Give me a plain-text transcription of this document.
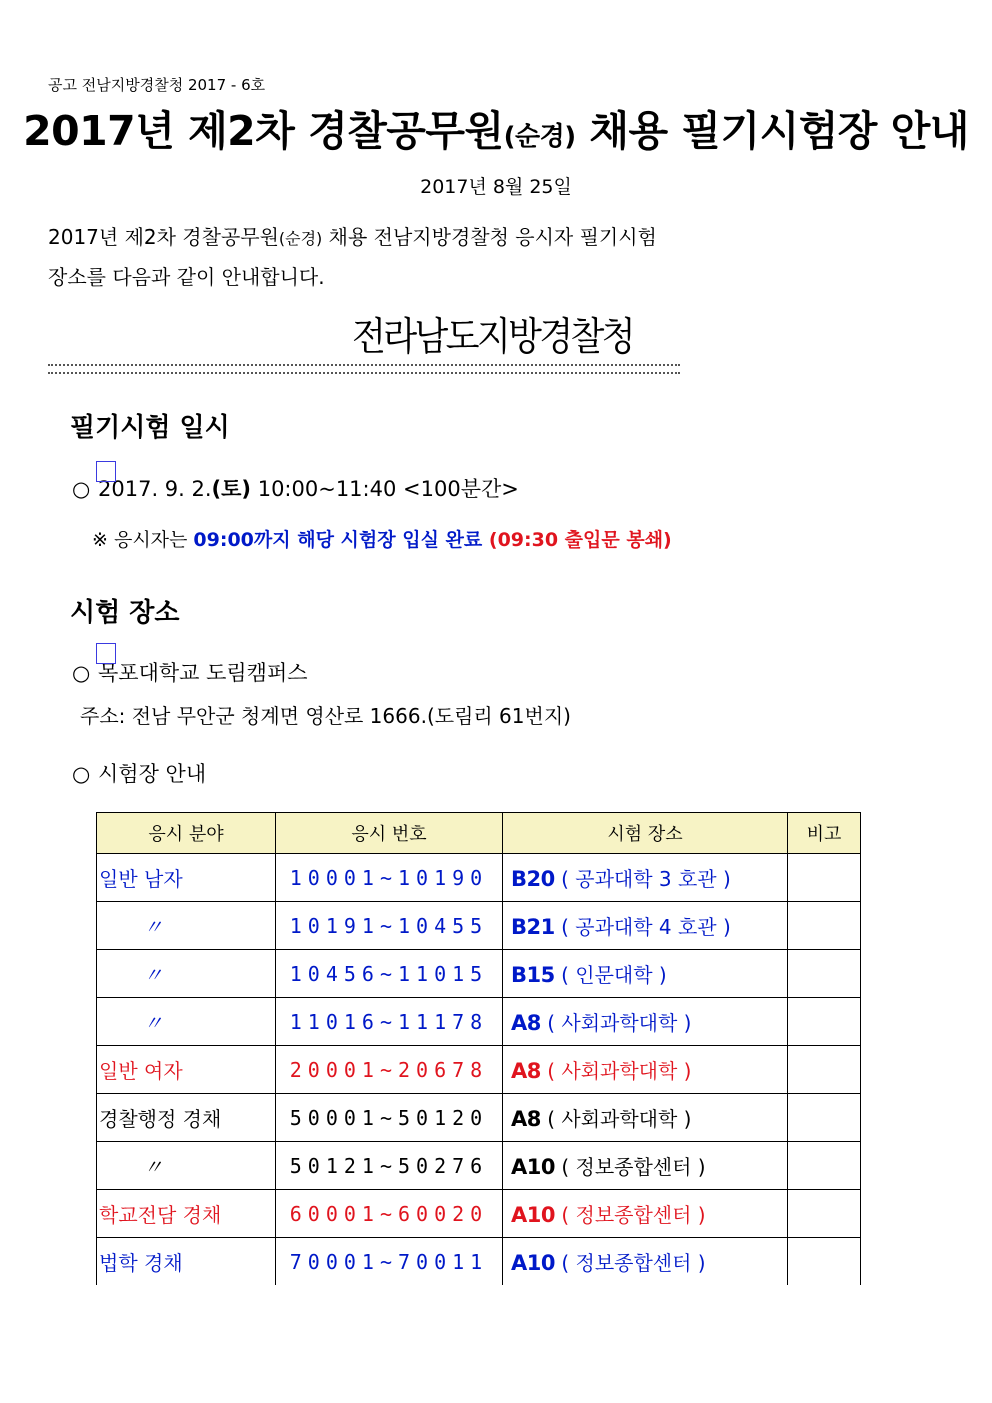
공고 전남지방경찰청 2017 - 6호
2017년 제2차 경찰공무원(순경) 채용 필기시험장 안내
2017년 8월 25일
2017년 제2차 경찰공무원(순경) 채용 전남지방경찰청 응시자 필기시험
장소를 다음과 같이 안내합니다.
전라남도지방경찰청
필기시험 일시
○ 2017. 9. 2.(토) 10:00~11:40 <100분간>
※ 응시자는 09:00까지 해당 시험장 입실 완료 (09:30 출입문 봉쇄)
시험 장소
○ 목포대학교 도림캠퍼스
주소: 전남 무안군 청계면 영산로 1666.(도림리 61번지)
○ 시험장 안내
응시 분야	응시 번호	시험 장소	비고
일반 남자	10001~10190	B20 ( 공과대학 3 호관 )	
〃	10191~10455	B21 ( 공과대학 4 호관 )	
〃	10456~11015	B15 ( 인문대학 )	
〃	11016~11178	A8 ( 사회과학대학 )	
일반 여자	20001~20678	A8 ( 사회과학대학 )	
경찰행정 경채	50001~50120	A8 ( 사회과학대학 )	
〃	50121~50276	A10 ( 정보종합센터 )	
학교전담 경채	60001~60020	A10 ( 정보종합센터 )	
법학 경채	70001~70011	A10 ( 정보종합센터 )	
